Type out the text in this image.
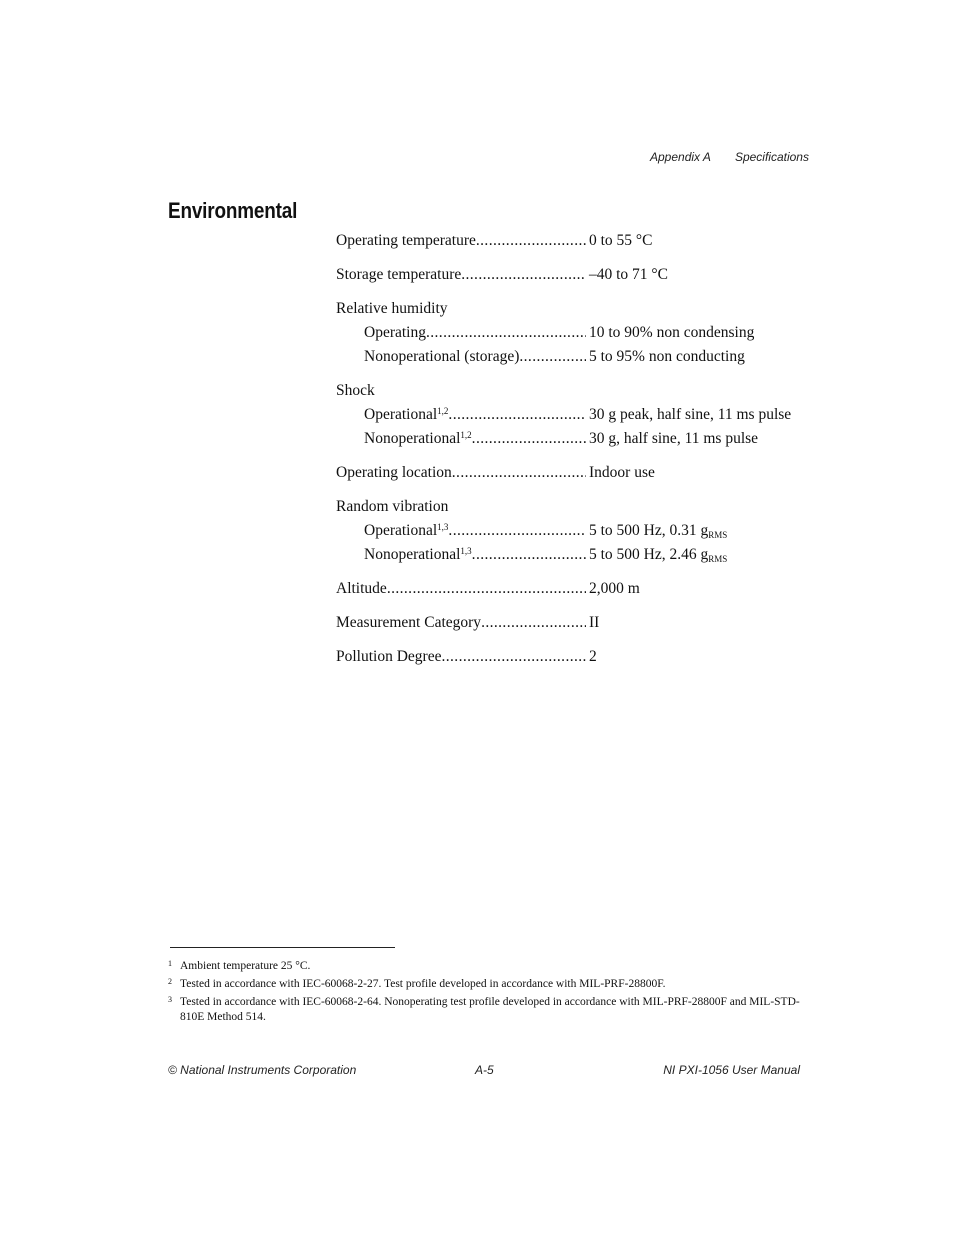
Appendix A Specifications
Environmental
Operating temperature .....	0 to 55 °C
Storage temperature .....	–40 to 71 °C
Relative humidity
Operating .....	10 to 90% non condensing
Nonoperational (storage) .....	5 to 95% non conducting
Shock
Operational$^{1,2}$ .....	30 g peak, half sine, 11 ms pulse
Nonoperational$^{1,2}$ .....	30 g, half sine, 11 ms pulse
Operating location .....	Indoor use
Random vibration
Operational$^{1,3}$ .....	5 to 500 Hz, 0.31 $g_{RMS}$
Nonoperational$^{1,3}$ .....	5 to 500 Hz, 2.46 $g_{RMS}$
Altitude .....	2,000 m
Measurement Category .....	II
Pollution Degree .....	2
1 Ambient temperature 25 °C.
2 Tested in accordance with IEC-60068-2-27. Test profile developed in accordance with MIL-PRF-28800F.
3 Tested in accordance with IEC-60068-2-64. Nonoperating test profile developed in accordance with MIL-PRF-28800F and MIL-STD-810E Method 514.
© National Instruments Corporation	A-5	NI PXI-1056 User Manual
